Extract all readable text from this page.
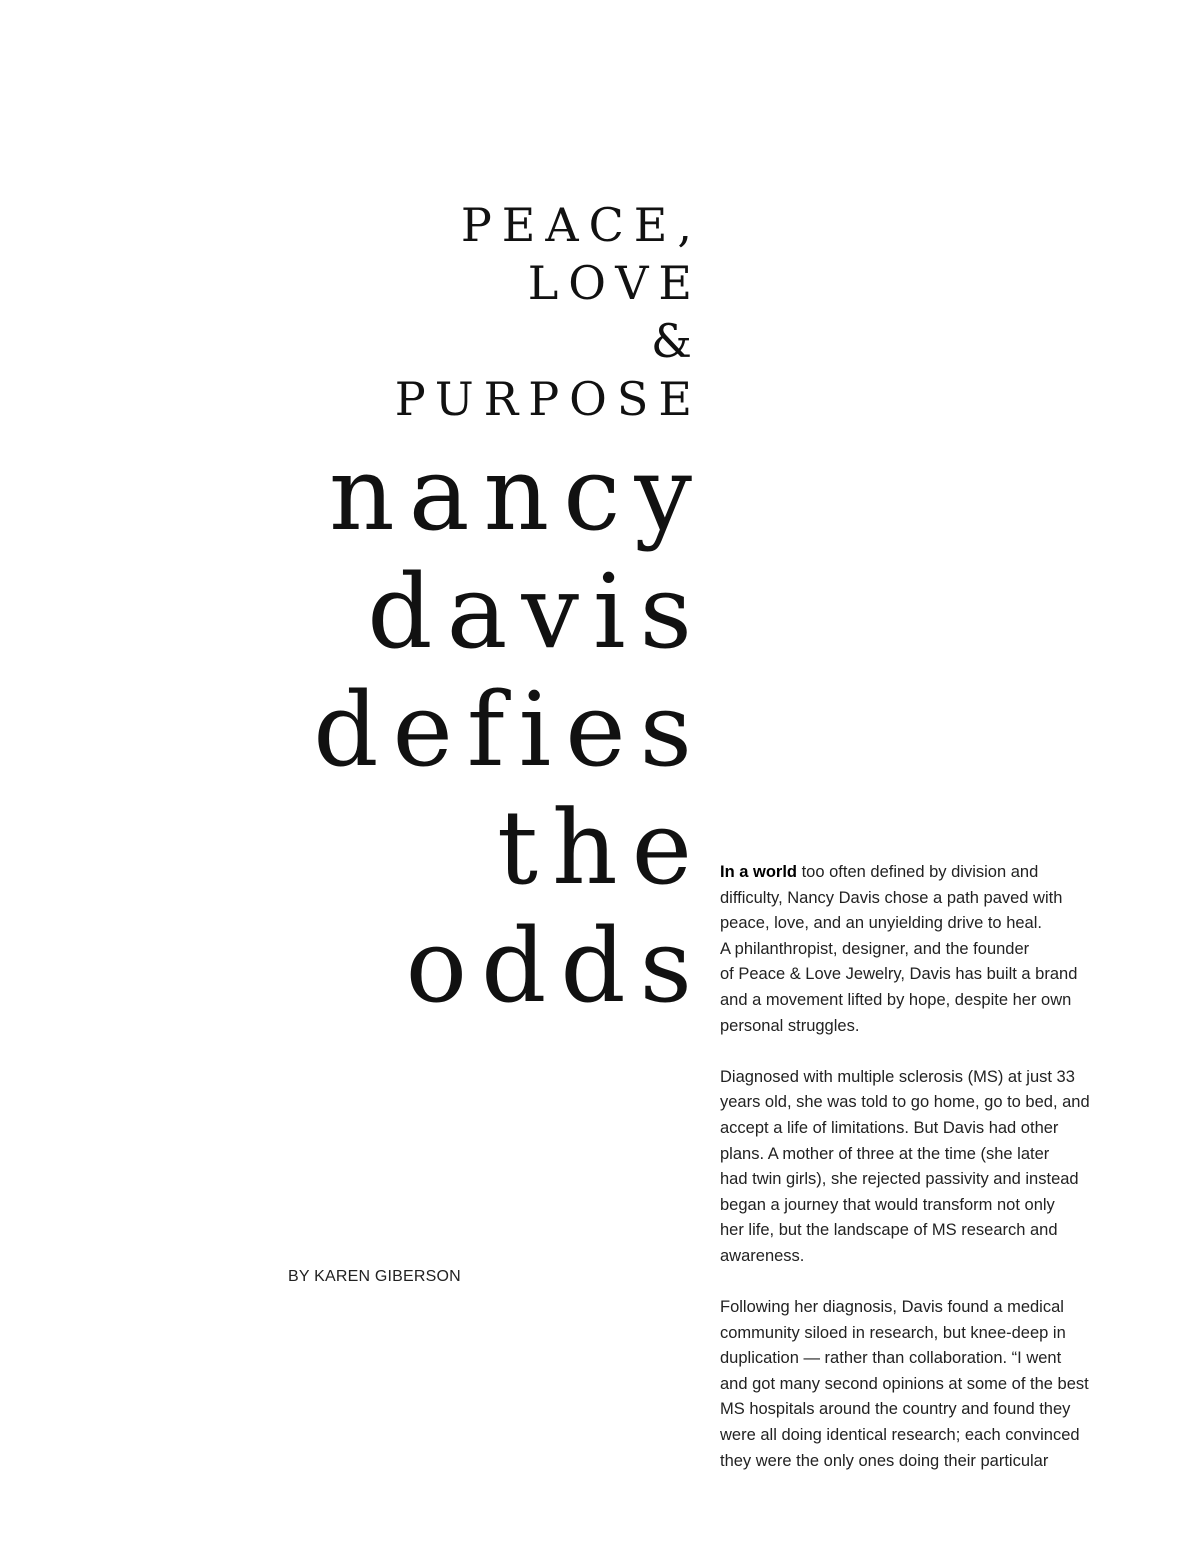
PEACE,
LOVE
&
PURPOSE
nancy
davis
defies
the
odds
BY KAREN GIBERSON

In a world too often defined by division and
difficulty, Nancy Davis chose a path paved with
peace, love, and an unyielding drive to heal.
A philanthropist, designer, and the founder
of Peace & Love Jewelry, Davis has built a brand
and a movement lifted by hope, despite her own
personal struggles.

Diagnosed with multiple sclerosis (MS) at just 33
years old, she was told to go home, go to bed, and
accept a life of limitations. But Davis had other
plans. A mother of three at the time (she later
had twin girls), she rejected passivity and instead
began a journey that would transform not only
her life, but the landscape of MS research and
awareness.

Following her diagnosis, Davis found a medical
community siloed in research, but knee-deep in
duplication — rather than collaboration. “I went
and got many second opinions at some of the best
MS hospitals around the country and found they
were all doing identical research; each convinced
they were the only ones doing their particular
